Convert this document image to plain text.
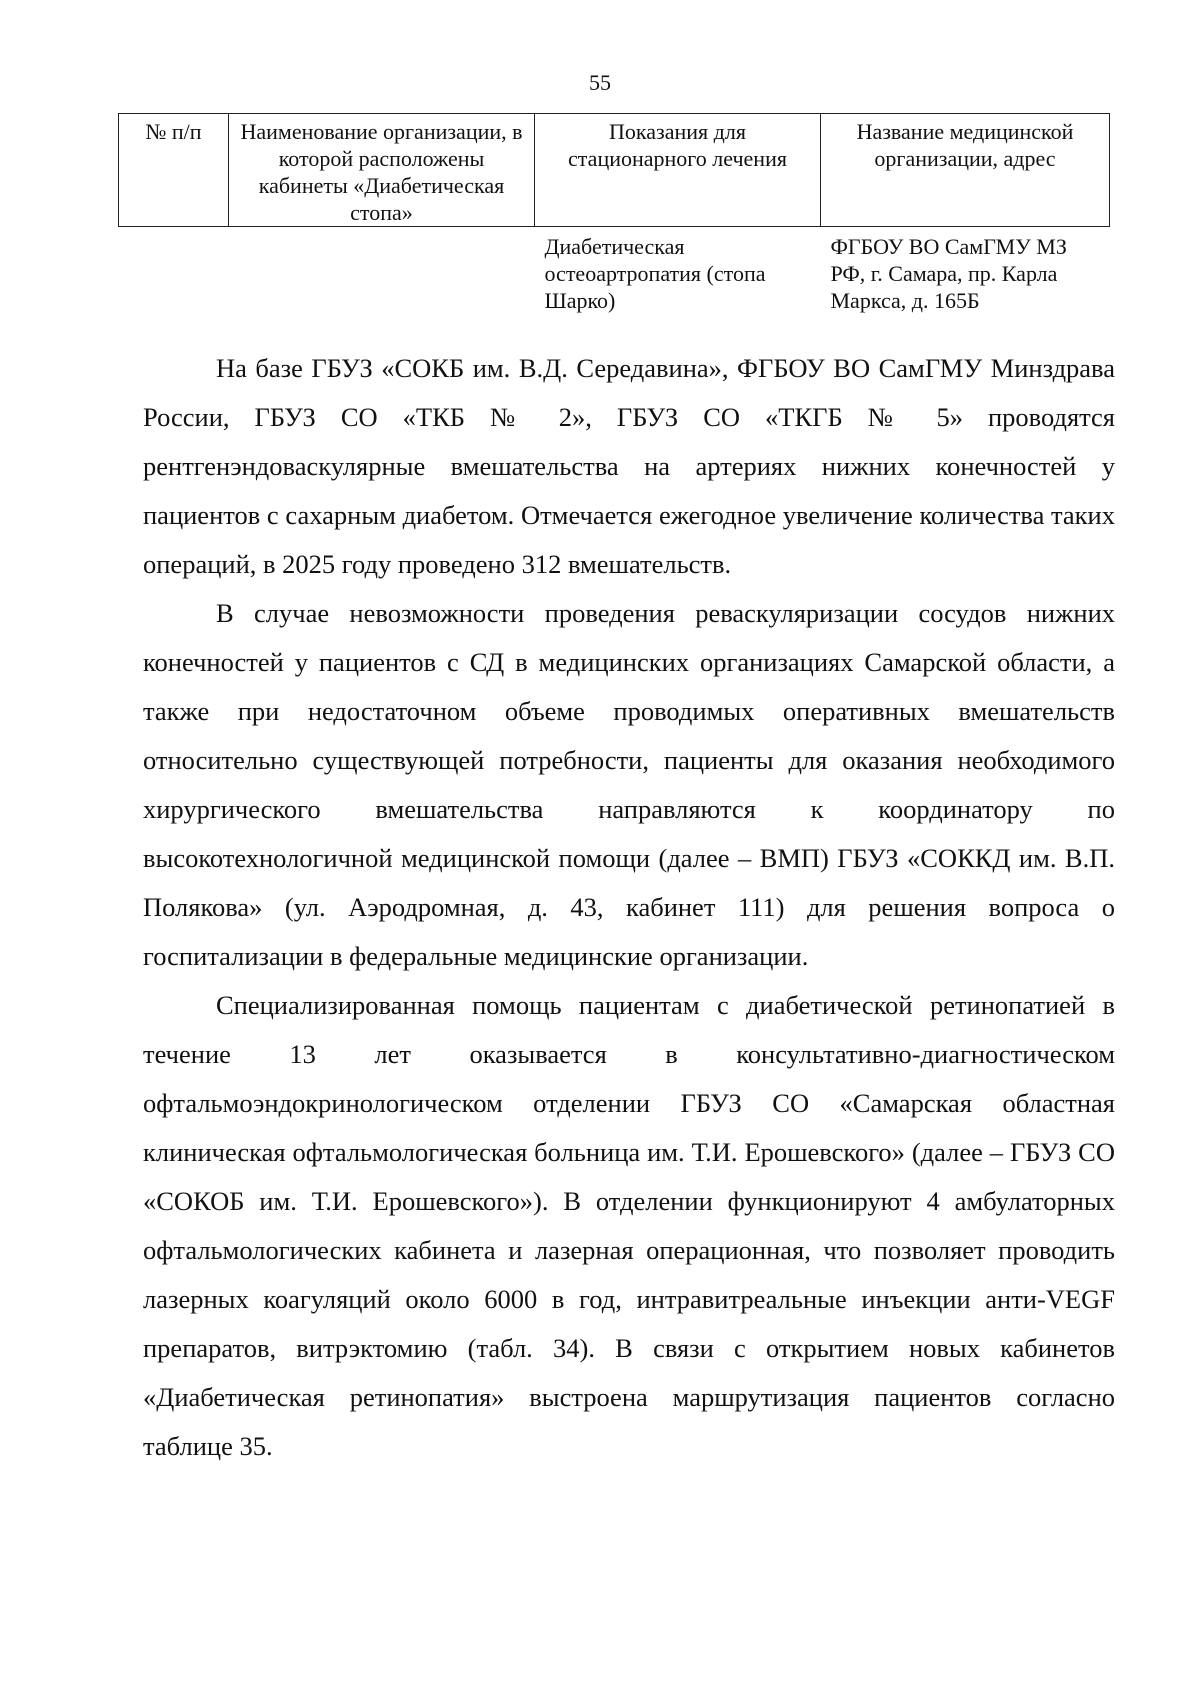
55
№ п/п	Наименование организации, в которой расположены кабинеты «Диабетическая стопа»	Показания для стационарного лечения	Название медицинской организации, адрес
		Диабетическая остеоартропатия (стопа Шарко)	ФГБОУ ВО СамГМУ МЗ РФ, г. Самара, пр. Карла Маркса, д. 165Б

На базе ГБУЗ «СОКБ им. В.Д. Середавина», ФГБОУ ВО СамГМУ Минздрава России, ГБУЗ СО «ТКБ № 2», ГБУЗ СО «ТКГБ № 5» проводятся рентгенэндоваскулярные вмешательства на артериях нижних конечностей у пациентов с сахарным диабетом. Отмечается ежегодное увеличение количества таких операций, в 2025 году проведено 312 вмешательств.

В случае невозможности проведения реваскуляризации сосудов нижних конечностей у пациентов с СД в медицинских организациях Самарской области, а также при недостаточном объеме проводимых оперативных вмешательств относительно существующей потребности, пациенты для оказания необходимого хирургического вмешательства направляются к координатору по высокотехнологичной медицинской помощи (далее – ВМП) ГБУЗ «СОККД им. В.П. Полякова» (ул. Аэродромная, д. 43, кабинет 111) для решения вопроса о госпитализации в федеральные медицинские организации.

Специализированная помощь пациентам с диабетической ретинопатией в течение 13 лет оказывается в консультативно-диагностическом офтальмоэндокринологическом отделении ГБУЗ СО «Самарская областная клиническая офтальмологическая больница им. Т.И. Ерошевского» (далее – ГБУЗ СО «СОКОБ им. Т.И. Ерошевского»). В отделении функционируют 4 амбулаторных офтальмологических кабинета и лазерная операционная, что позволяет проводить лазерных коагуляций около 6000 в год, интравитреальные инъекции анти-VEGF препаратов, витрэктомию (табл. 34). В связи с открытием новых кабинетов «Диабетическая ретинопатия» выстроена маршрутизация пациентов согласно таблице 35.
